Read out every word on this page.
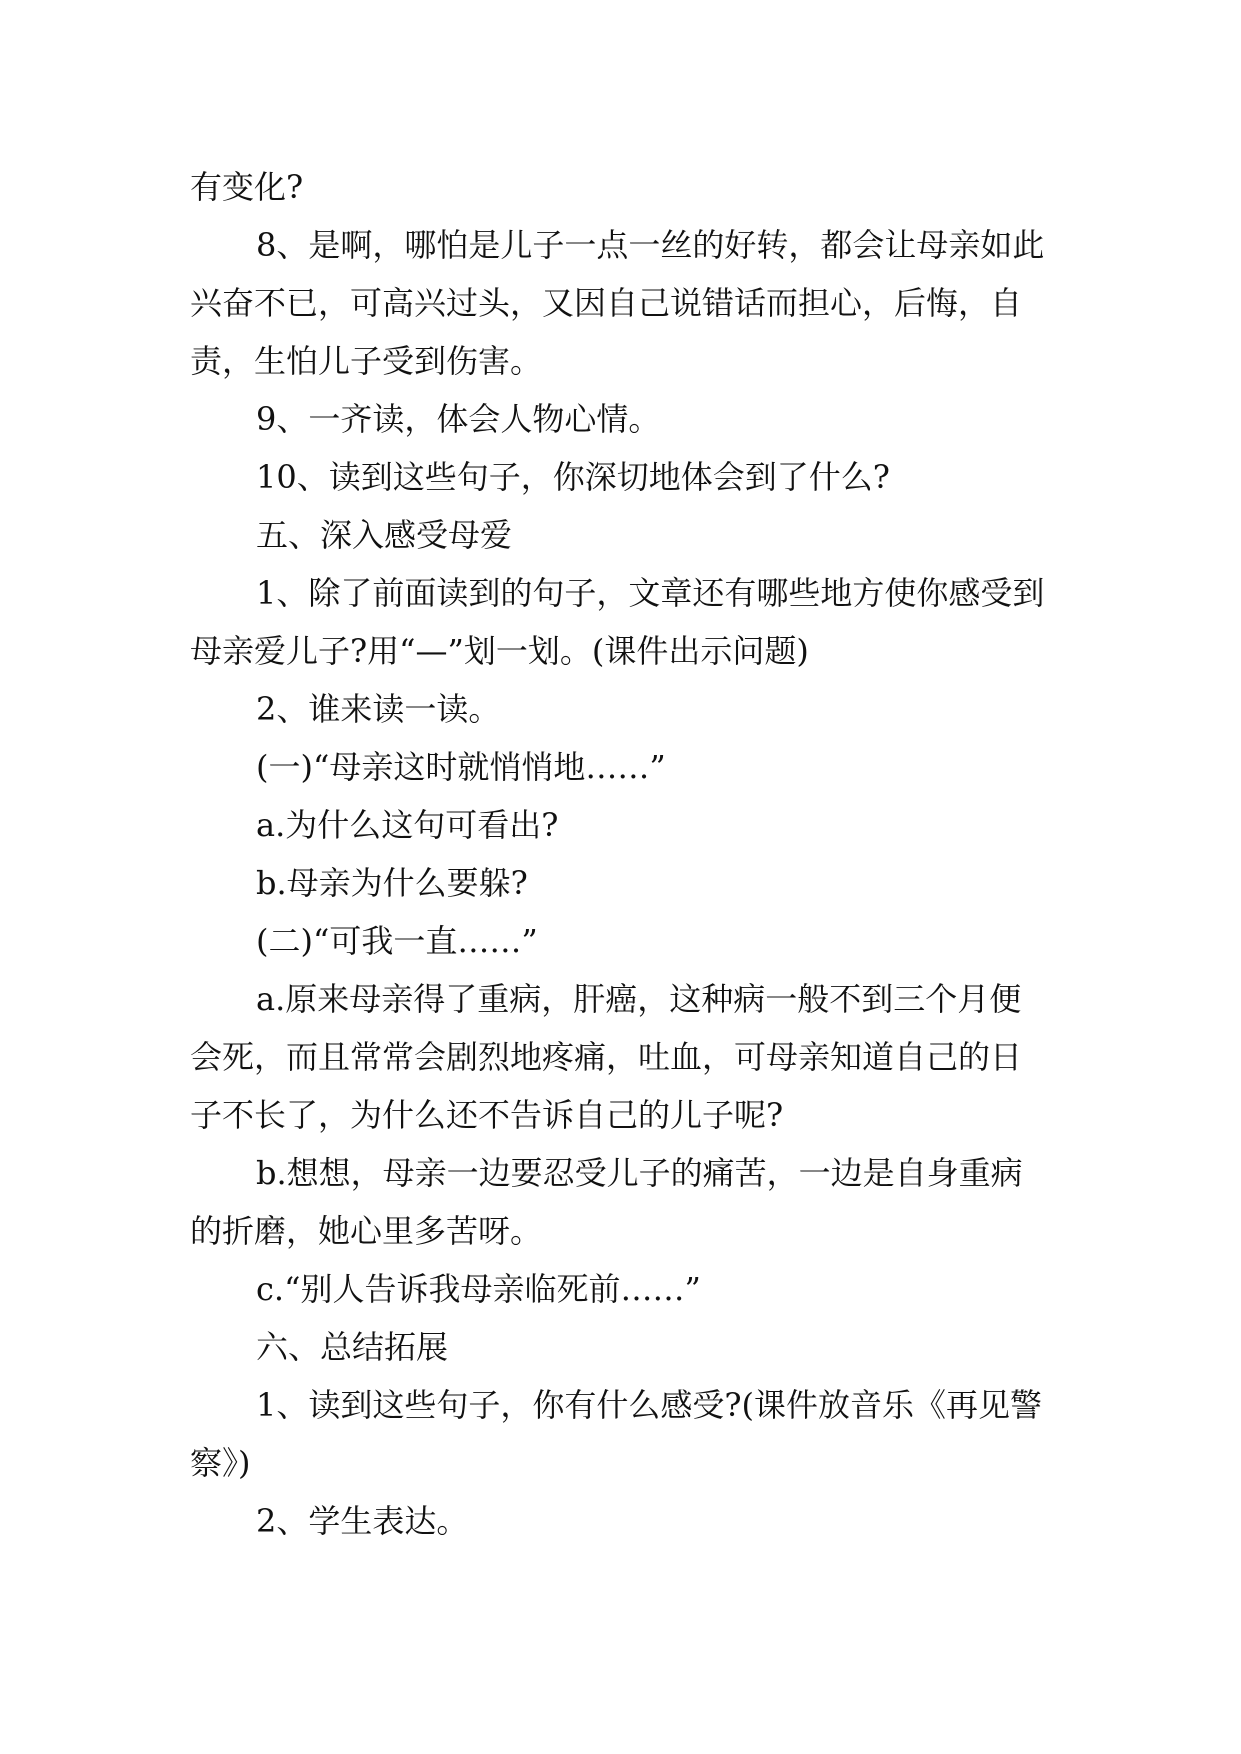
有变化?

8、是啊，哪怕是儿子一点一丝的好转，都会让母亲如此兴奋不已，可高兴过头，又因自己说错话而担心，后悔，自责，生怕儿子受到伤害。

9、一齐读，体会人物心情。

10、读到这些句子，你深切地体会到了什么?

五、深入感受母爱

1、除了前面读到的句子，文章还有哪些地方使你感受到母亲爱儿子?用“—”划一划。(课件出示问题)

2、谁来读一读。

(一)“母亲这时就悄悄地……”

a.为什么这句可看出?

b.母亲为什么要躲?

(二)“可我一直……”

a.原来母亲得了重病，肝癌，这种病一般不到三个月便会死，而且常常会剧烈地疼痛，吐血，可母亲知道自己的日子不长了，为什么还不告诉自己的儿子呢?

b.想想，母亲一边要忍受儿子的痛苦，一边是自身重病的折磨，她心里多苦呀。

c.“别人告诉我母亲临死前……”

六、总结拓展

1、读到这些句子，你有什么感受?(课件放音乐《再见警察》)

2、学生表达。
